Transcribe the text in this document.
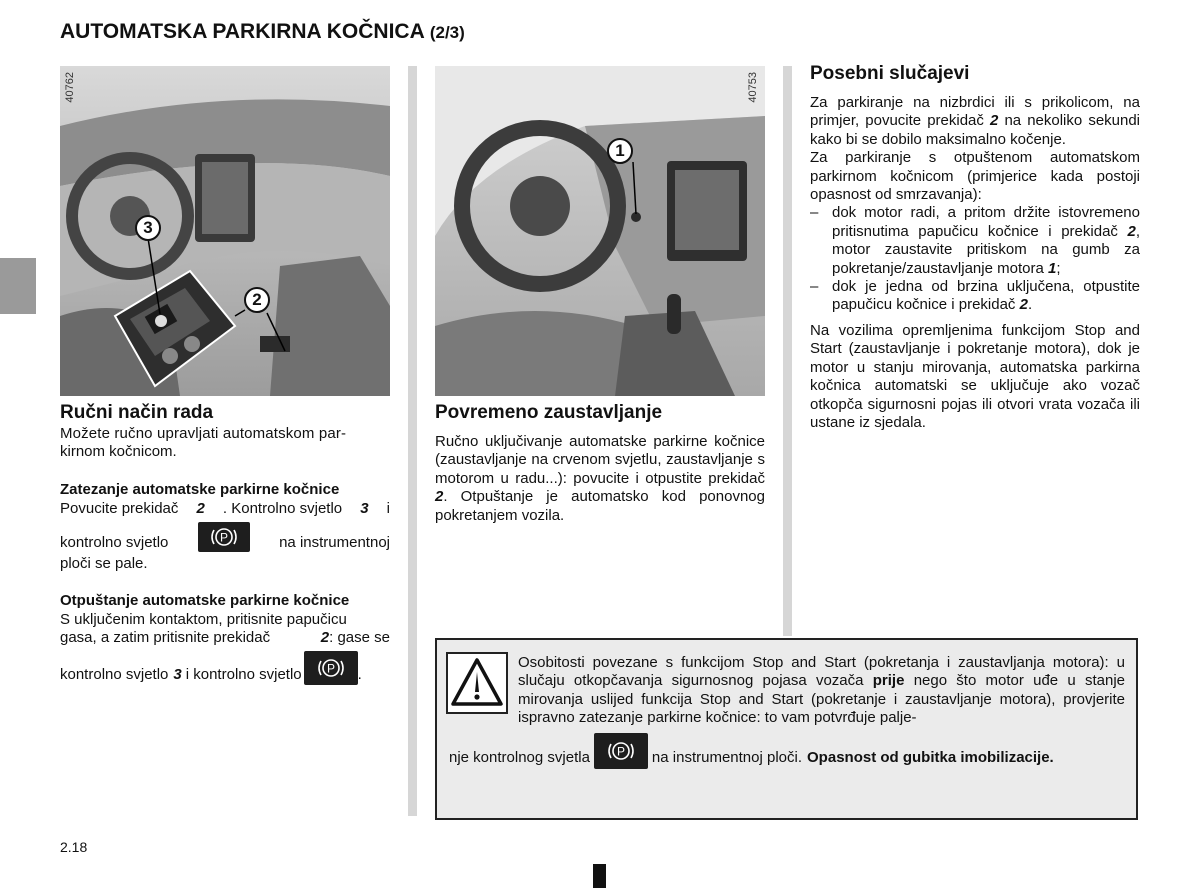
AUTOMATSKA PARKIRNA KOČNICA (2/3)
40762
3
2
40753
1
Ručni način rada
Možete ručno upravljati automatskom par-
kirnom kočnicom.
Zatezanje automatske parkirne kočnice
Povucite prekidač 2 . Kontrolno svjetlo 3 i
kontrolno svjetlo	P	na instrumentnoj
ploči se pale.
Otpuštanje automatske parkirne kočnice
S uključenim kontaktom, pritisnite papučicu
gasa, a zatim pritisnite prekidač	2: gase se
kontrolno svjetlo 3 i kontrolno svjetlo P .
Povremeno zaustavljanje
Ručno uključivanje automatske parkirne kočnice (zaustavljanje na crvenom svjetlu, zaustavljanje s motorom u radu...): povucite i otpustite prekidač 2. Otpuštanje je automatsko kod ponovnog pokretanjem vozila.
Posebni slučajevi
Za parkiranje na nizbrdici ili s prikolicom, na primjer, povucite prekidač 2 na nekoliko sekundi kako bi se dobilo maksimalno kočenje.
Za parkiranje s otpuštenom automatskom parkirnom kočnicom (primjerice kada postoji opasnost od smrzavanja):
– dok motor radi, a pritom držite istovremeno pritisnutima papučicu kočnice i prekidač 2, motor zaustavite pritiskom na gumb za pokretanje/zaustavljanje motora 1;
– dok je jedna od brzina uključena, otpustite papučicu kočnice i prekidač 2.
Na vozilima opremljenima funkcijom Stop and Start (zaustavljanje i pokretanje motora), dok je motor u stanju mirovanja, automatska parkirna kočnica automatski se uključuje ako vozač otkopča sigurnosni pojas ili otvori vrata vozača ili ustane iz sjedala.
Osobitosti povezane s funkcijom Stop and Start (pokretanja i zaustavljanja motora): u slučaju otkopčavanja sigurnosnog pojasa vozača prije nego što motor uđe u stanje mirovanja uslijed funkcija Stop and Start (pokretanje i zaustavljanje motora), provjerite ispravno zatezanje parkirne kočnice: to vam potvrđuje palje-
nje kontrolnog svjetla P na instrumentnoj ploči. Opasnost od gubitka imobilizacije.
2.18
